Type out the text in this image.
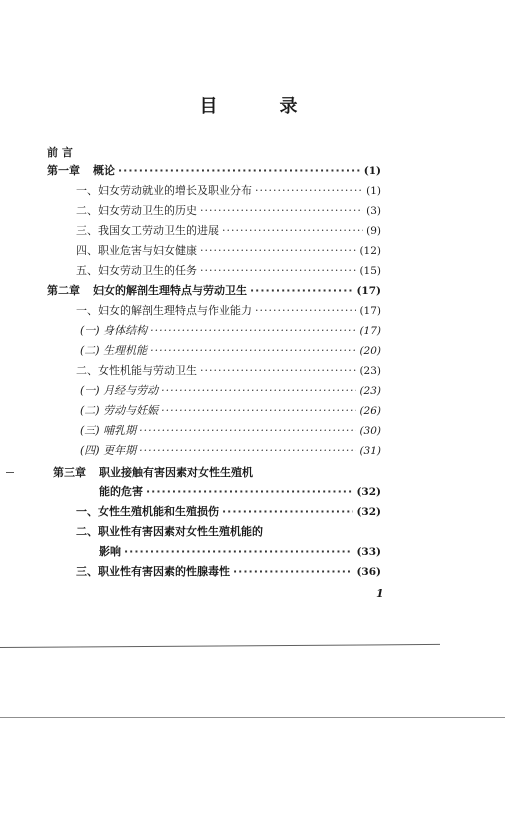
目　录
前 言
第一章 概论 ·····	(1)
一、妇女劳动就业的增长及职业分布 ·····	(1)
二、妇女劳动卫生的历史 ·····	(3)
三、我国女工劳动卫生的进展 ·····	(9)
四、职业危害与妇女健康 ·····	(12)
五、妇女劳动卫生的任务 ·····	(15)
第二章 妇女的解剖生理特点与劳动卫生 ·····	(17)
一、妇女的解剖生理特点与作业能力 ·····	(17)
(一) 身体结构 ·····	(17)
(二) 生理机能 ·····	(20)
二、女性机能与劳动卫生 ·····	(23)
(一) 月经与劳动 ·····	(23)
(二) 劳动与妊娠 ·····	(26)
(三) 哺乳期 ·····	(30)
(四) 更年期 ·····	(31)
第三章 职业接触有害因素对女性生殖机
能的危害 ·····	(32)
一、女性生殖机能和生殖损伤 ·····	(32)
二、职业性有害因素对女性生殖机能的
影响 ·····	(33)
三、职业性有害因素的性腺毒性 ·····	(36)
1
